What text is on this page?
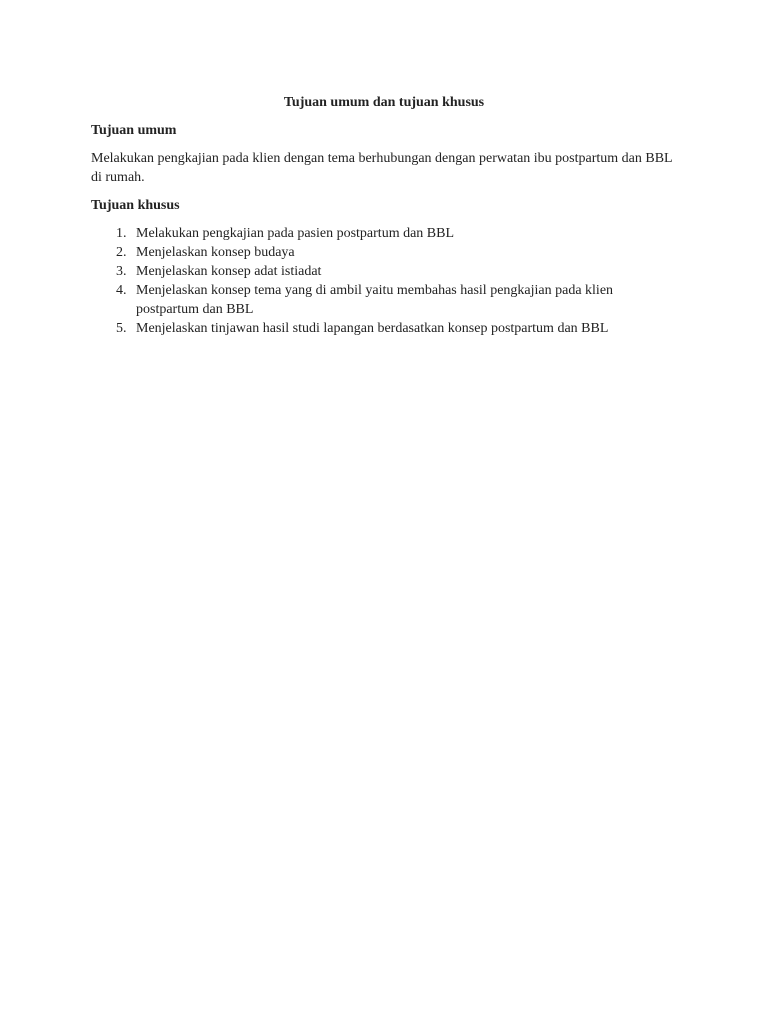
Tujuan umum dan tujuan khusus
Tujuan umum
Melakukan pengkajian pada klien dengan tema berhubungan dengan perwatan ibu postpartum dan BBL di rumah.
Tujuan khusus
1. Melakukan pengkajian pada pasien postpartum dan BBL
2. Menjelaskan konsep budaya
3. Menjelaskan konsep adat istiadat
4. Menjelaskan konsep tema yang di ambil yaitu membahas hasil pengkajian pada klien postpartum dan BBL
5. Menjelaskan tinjawan hasil studi lapangan berdasatkan konsep postpartum dan BBL
